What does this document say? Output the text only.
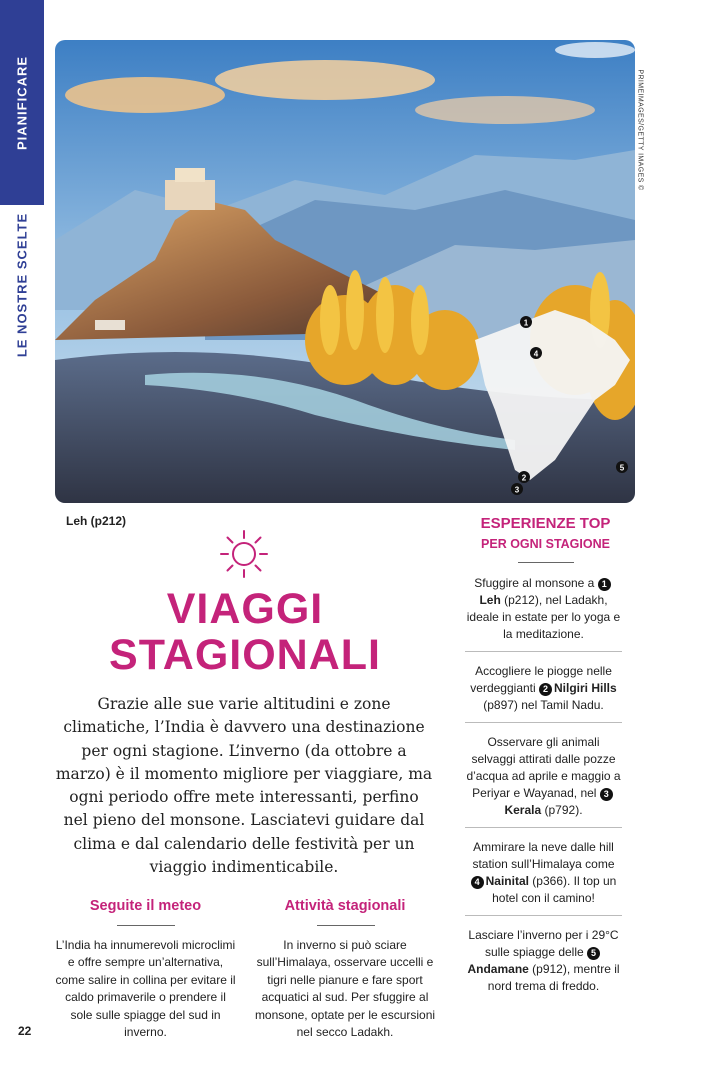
PIANIFICARE
LE NOSTRE SCELTE
PRIMEIMAGES/GETTY IMAGES ©
1
4
2
3
5
Leh (p212)
VIAGGI
STAGIONALI

Grazie alle sue varie altitudini e zone climatiche, l’India è davvero una destinazione per ogni stagione. L’inverno (da ottobre a marzo) è il momento migliore per viaggiare, ma ogni periodo offre mete interessanti, perfino nel pieno del monsone. Lasciatevi guidare dal clima e dal calendario delle festività per un viaggio indimenticabile.

Seguite il meteo

L’India ha innumerevoli microclimi e offre sempre un’alternativa, come salire in collina per evitare il caldo primaverile o prendere il sole sulle spiagge del sud in inverno.

Attività stagionali

In inverno si può sciare sull’Himalaya, osservare uccelli e tigri nelle pianure e fare sport acquatici al sud. Per sfuggire al monsone, optate per le escursioni nel secco Ladakh.

22
ESPERIENZE TOP
PER OGNI STAGIONE
Sfuggire al monsone a 1Leh (p212), nel Ladakh, ideale in estate per lo yoga e la meditazione.
Accogliere le piogge nelle verdeggianti 2 Nilgiri Hills (p897) nel Tamil Nadu.
Osservare gli animali selvaggi attirati dalle pozze d’acqua ad aprile e maggio a Periyar e Wayanad, nel 3Kerala (p792).
Ammirare la neve dalle hill station sull’Himalaya come 4 Nainital (p366). Il top un hotel con il camino!
Lasciare l’inverno per i 29°C sulle spiagge delle 5Andamane (p912), mentre il nord trema di freddo.
